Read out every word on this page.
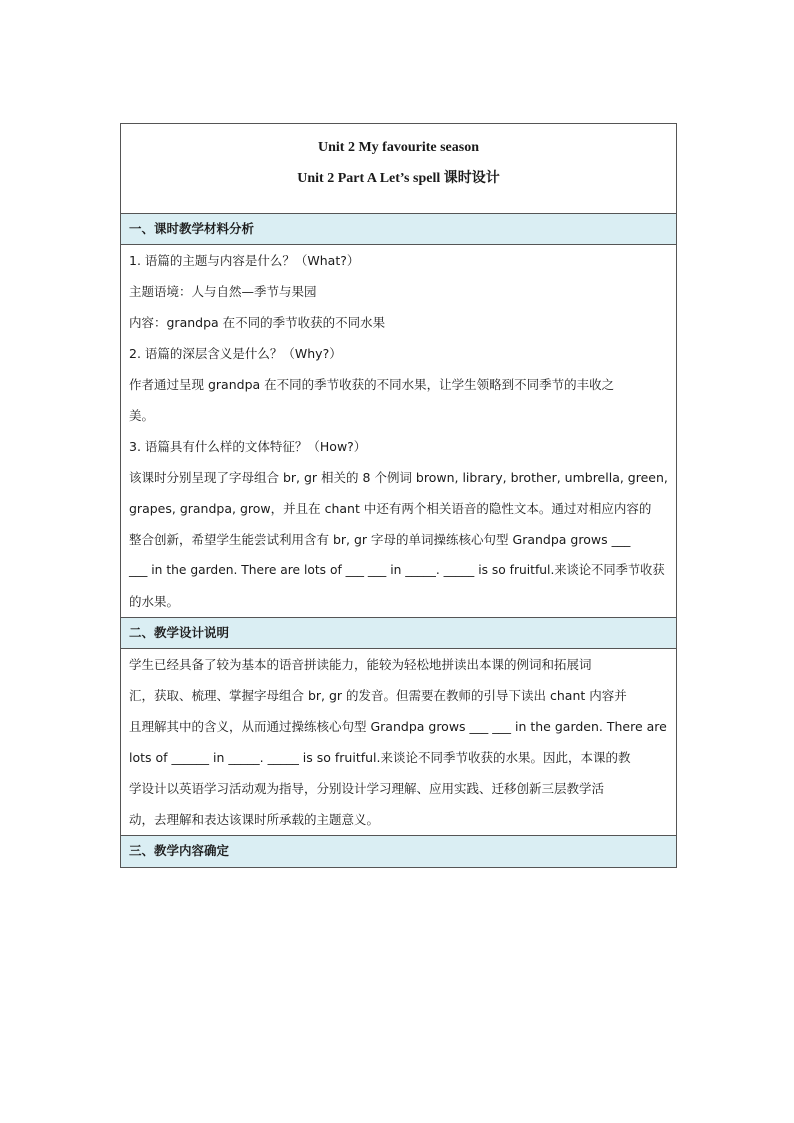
Unit 2 My favourite season
Unit 2 Part A Let’s spell 课时设计
一、课时教学材料分析

1. 语篇的主题与内容是什么？（What?）

主题语境：人与自然—季节与果园

内容：grandpa 在不同的季节收获的不同水果

2. 语篇的深层含义是什么？（Why?）

作者通过呈现 grandpa 在不同的季节收获的不同水果，让学生领略到不同季节的丰收之

美。

3. 语篇具有什么样的文体特征？（How?）

该课时分别呈现了字母组合 br, gr 相关的 8 个例词 brown, library, brother, umbrella, green,

grapes, grandpa, grow，并且在 chant 中还有两个相关语音的隐性文本。通过对相应内容的

整合创新，希望学生能尝试利用含有 br, gr 字母的单词操练核心句型 Grandpa grows ___

___ in the garden. There are lots of ___ ___ in _____. _____ is so fruitful.来谈论不同季节收获

的水果。

二、教学设计说明

学生已经具备了较为基本的语音拼读能力，能较为轻松地拼读出本课的例词和拓展词

汇，获取、梳理、掌握字母组合 br, gr 的发音。但需要在教师的引导下读出 chant 内容并

且理解其中的含义，从而通过操练核心句型 Grandpa grows ___ ___ in the garden. There are

lots of ______ in _____. _____ is so fruitful.来谈论不同季节收获的水果。因此，本课的教

学设计以英语学习活动观为指导，分别设计学习理解、应用实践、迁移创新三层教学活

动，去理解和表达该课时所承载的主题意义。

三、教学内容确定
